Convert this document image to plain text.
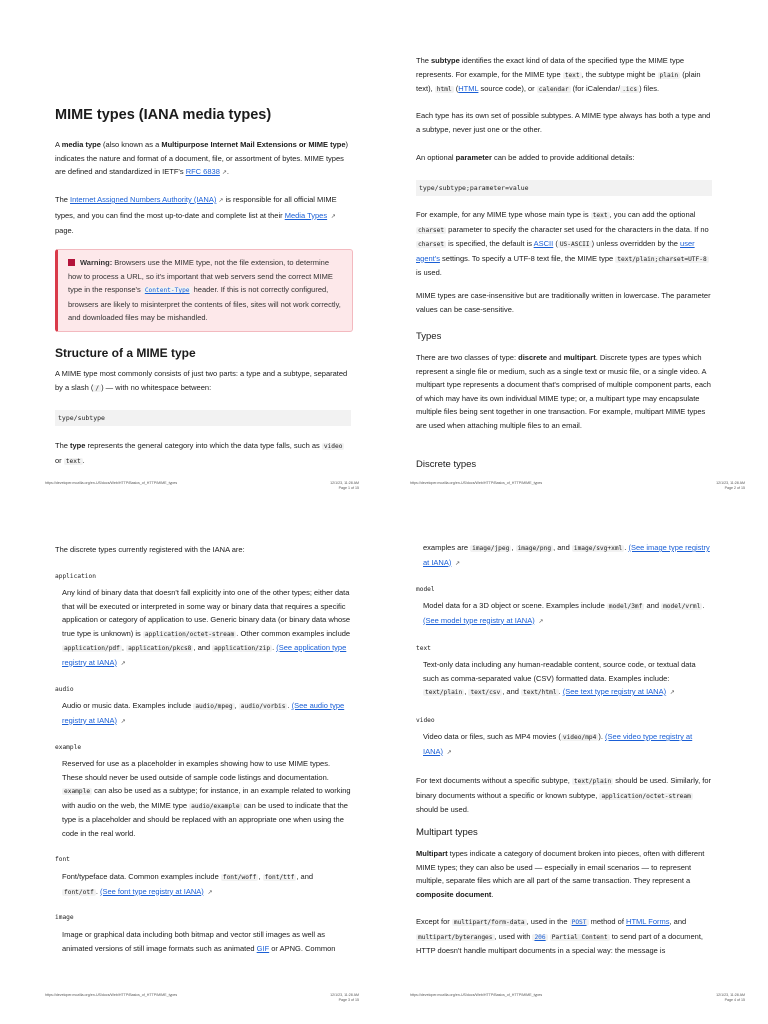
MIME types (IANA media types)

A media type (also known as a Multipurpose Internet Mail Extensions or MIME type) indicates the nature and format of a document, file, or assortment of bytes. MIME types are defined and standardized in IETF's RFC 6838 ↗.

The Internet Assigned Numbers Authority (IANA) ↗ is responsible for all official MIME types, and you can find the most up-to-date and complete list at their Media Types ↗ page.

Warning: Browsers use the MIME type, not the file extension, to determine how to process a URL, so it's important that web servers send the correct MIME type in the response's Content-Type header. If this is not correctly configured, browsers are likely to misinterpret the contents of files, sites will not work correctly, and downloaded files may be mishandled.

Structure of a MIME type

A MIME type most commonly consists of just two parts: a type and a subtype, separated by a slash ( / ) — with no whitespace between:

type/subtype

The type represents the general category into which the data type falls, such as video or text .

https://developer.mozilla.org/en-US/docs/Web/HTTP/Basics_of_HTTP/MIME_types	12/1/23, 11:28 AM
Page 1 of 15

The subtype identifies the exact kind of data of the specified type the MIME type represents. For example, for the MIME type text , the subtype might be plain (plain text), html (HTML source code), or calendar (for iCalendar/ .ics ) files.

Each type has its own set of possible subtypes. A MIME type always has both a type and a subtype, never just one or the other.

An optional parameter can be added to provide additional details:

type/subtype;parameter=value

For example, for any MIME type whose main type is text , you can add the optional charset parameter to specify the character set used for the characters in the data. If no charset is specified, the default is ASCII ( US-ASCII ) unless overridden by the user agent's settings. To specify a UTF-8 text file, the MIME type text/plain;charset=UTF-8 is used.

MIME types are case-insensitive but are traditionally written in lowercase. The parameter values can be case-sensitive.

Types

There are two classes of type: discrete and multipart. Discrete types are types which represent a single file or medium, such as a single text or music file, or a single video. A multipart type represents a document that's comprised of multiple component parts, each of which may have its own individual MIME type; or, a multipart type may encapsulate multiple files being sent together in one transaction. For example, multipart MIME types are used when attaching multiple files to an email.

Discrete types
https://developer.mozilla.org/en-US/docs/Web/HTTP/Basics_of_HTTP/MIME_types	12/1/23, 11:28 AM
Page 2 of 15

The discrete types currently registered with the IANA are:

application

Any kind of binary data that doesn't fall explicitly into one of the other types; either data that will be executed or interpreted in some way or binary data that requires a specific application or category of application to use. Generic binary data (or binary data whose true type is unknown) is application/octet-stream . Other common examples include application/pdf , application/pkcs8 , and application/zip . (See application type registry at IANA) ↗

audio

Audio or music data. Examples include audio/mpeg , audio/vorbis . (See audio type registry at IANA) ↗

example

Reserved for use as a placeholder in examples showing how to use MIME types. These should never be used outside of sample code listings and documentation. example can also be used as a subtype; for instance, in an example related to working with audio on the web, the MIME type audio/example can be used to indicate that the type is a placeholder and should be replaced with an appropriate one when using the code in the real world.

font

Font/typeface data. Common examples include font/woff , font/ttf , and font/otf . (See font type registry at IANA) ↗

image

Image or graphical data including both bitmap and vector still images as well as animated versions of still image formats such as animated GIF or APNG. Common

https://developer.mozilla.org/en-US/docs/Web/HTTP/Basics_of_HTTP/MIME_types	12/1/23, 11:28 AM
Page 3 of 15

examples are image/jpeg , image/png , and image/svg+xml . (See image type registry at IANA) ↗

model

Model data for a 3D object or scene. Examples include model/3mf and model/vrml . (See model type registry at IANA) ↗

text

Text-only data including any human-readable content, source code, or textual data such as comma-separated value (CSV) formatted data. Examples include: text/plain , text/csv , and text/html . (See text type registry at IANA) ↗

video

Video data or files, such as MP4 movies ( video/mp4 ). (See video type registry at IANA) ↗

For text documents without a specific subtype, text/plain should be used. Similarly, for binary documents without a specific or known subtype, application/octet-stream should be used.

Multipart types

Multipart types indicate a category of document broken into pieces, often with different MIME types; they can also be used — especially in email scenarios — to represent multiple, separate files which are all part of the same transaction. They represent a composite document.

Except for multipart/form-data , used in the POST method of HTML Forms, and multipart/byteranges , used with 206 Partial Content to send part of a document, HTTP doesn't handle multipart documents in a special way: the message is

https://developer.mozilla.org/en-US/docs/Web/HTTP/Basics_of_HTTP/MIME_types	12/1/23, 11:28 AM
Page 4 of 15
